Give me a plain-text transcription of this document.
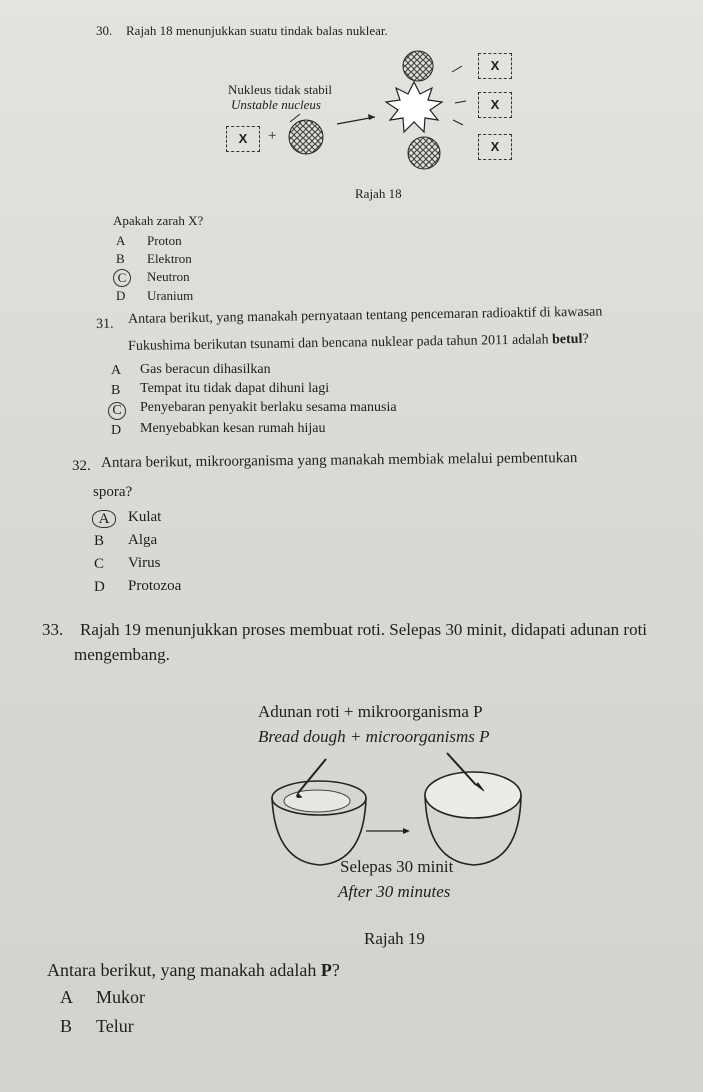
30. Rajah 18 menunjukkan suatu tindak balas nuklear.
Nukleus tidak stabil
Unstable nucleus
X	+
X
X
X
Rajah 18
Apakah zarah X?
A Proton
B Elektron
C	Neutron
D Uranium
31. Antara berikut, yang manakah pernyataan tentang pencemaran radioaktif di kawasan
Fukushima berikutan tsunami dan bencana nuklear pada tahun 2011 adalah betul?
A Gas beracun dihasilkan
B Tempat itu tidak dapat dihuni lagi
C	Penyebaran penyakit berlaku sesama manusia
D Menyebabkan kesan rumah hijau
32. Antara berikut, mikroorganisma yang manakah membiak melalui pembentukan
spora?
A	Kulat
B Alga
C Virus
D Protozoa
33. Rajah 19 menunjukkan proses membuat roti. Selepas 30 minit, didapati adunan roti
mengembang.
Adunan roti + mikroorganisma P
Bread dough + microorganisms P
Selepas 30 minit
After 30 minutes
Rajah 19
Antara berikut, yang manakah adalah P?
A Mukor
B Telur
